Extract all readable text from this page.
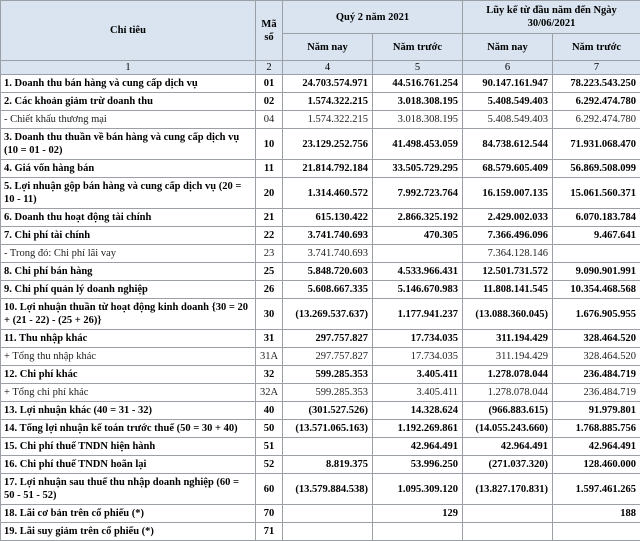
Chỉ tiêu	Mã số	Quý 2 năm 2021		Lũy kế từ đầu năm đến Ngày 30/06/2021	
		Năm nay	Năm trước	Năm nay	Năm trước
1	2	4	5	6	7
1. Doanh thu bán hàng và cung cấp dịch vụ	01	24.703.574.971	44.516.761.254	90.147.161.947	78.223.543.250
2. Các khoản giảm trừ doanh thu	02	1.574.322.215	3.018.308.195	5.408.549.403	6.292.474.780
- Chiết khấu thương mại	04	1.574.322.215	3.018.308.195	5.408.549.403	6.292.474.780
3. Doanh thu thuần về bán hàng và cung cấp dịch vụ (10 = 01 - 02)	10	23.129.252.756	41.498.453.059	84.738.612.544	71.931.068.470
4. Giá vốn hàng bán	11	21.814.792.184	33.505.729.295	68.579.605.409	56.869.508.099
5. Lợi nhuận gộp bán hàng và cung cấp dịch vụ (20 = 10 - 11)	20	1.314.460.572	7.992.723.764	16.159.007.135	15.061.560.371
6. Doanh thu hoạt động tài chính	21	615.130.422	2.866.325.192	2.429.002.033	6.070.183.784
7. Chi phí tài chính	22	3.741.740.693	470.305	7.366.496.096	9.467.641
- Trong đó: Chi phí lãi vay	23	3.741.740.693		7.364.128.146	
8. Chi phí bán hàng	25	5.848.720.603	4.533.966.431	12.501.731.572	9.090.901.991
9. Chi phí quản lý doanh nghiệp	26	5.608.667.335	5.146.670.983	11.808.141.545	10.354.468.568
10. Lợi nhuận thuần từ hoạt động kinh doanh {30 = 20 + (21 - 22) - (25 + 26)}	30	(13.269.537.637)	1.177.941.237	(13.088.360.045)	1.676.905.955
11. Thu nhập khác	31	297.757.827	17.734.035	311.194.429	328.464.520
+ Tổng thu nhập khác	31A	297.757.827	17.734.035	311.194.429	328.464.520
12. Chi phí khác	32	599.285.353	3.405.411	1.278.078.044	236.484.719
+ Tổng chi phí khác	32A	599.285.353	3.405.411	1.278.078.044	236.484.719
13. Lợi nhuận khác (40 = 31 - 32)	40	(301.527.526)	14.328.624	(966.883.615)	91.979.801
14. Tổng lợi nhuận kế toán trước thuế (50 = 30 + 40)	50	(13.571.065.163)	1.192.269.861	(14.055.243.660)	1.768.885.756
15. Chi phí thuế TNDN hiện hành	51		42.964.491	42.964.491	42.964.491
16. Chi phí thuế TNDN hoãn lại	52	8.819.375	53.996.250	(271.037.320)	128.460.000
17. Lợi nhuận sau thuế thu nhập doanh nghiệp (60 = 50 - 51 - 52)	60	(13.579.884.538)	1.095.309.120	(13.827.170.831)	1.597.461.265
18. Lãi cơ bản trên cổ phiếu (*)	70		129		188
19. Lãi suy giảm trên cổ phiếu (*)	71				
